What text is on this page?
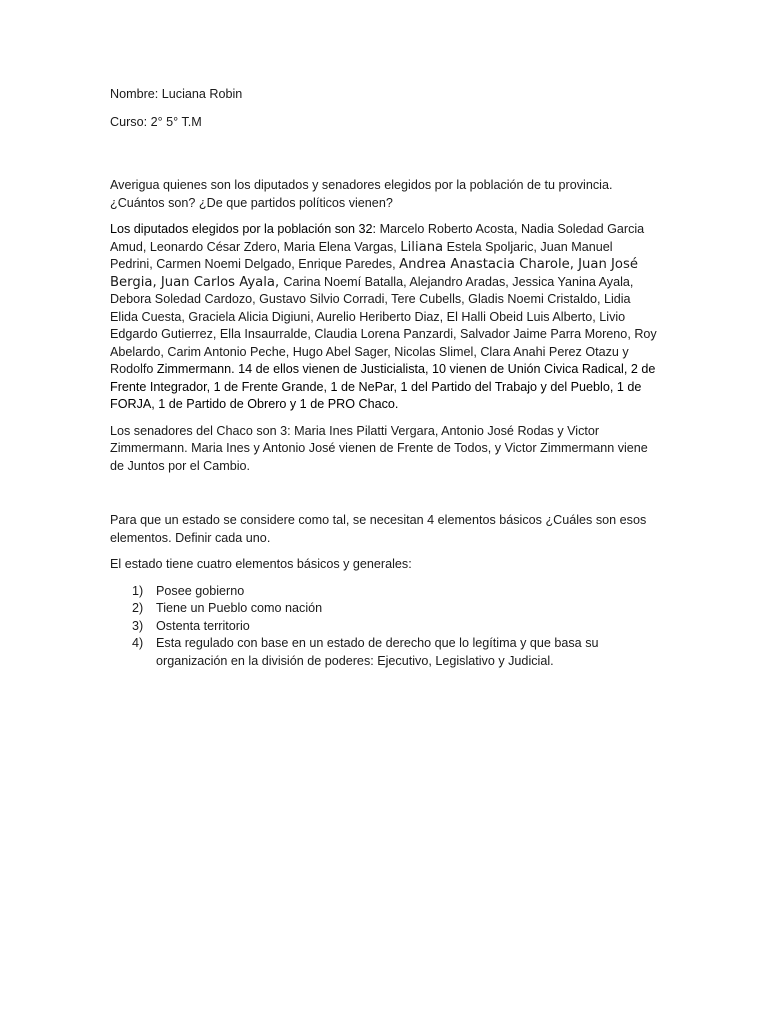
Nombre: Luciana Robin

Curso: 2° 5° T.M

Averigua quienes son los diputados y senadores elegidos por la población de tu provincia. ¿Cuántos son? ¿De que partidos políticos vienen?

Los diputados elegidos por la población son 32: Marcelo Roberto Acosta, Nadia Soledad Garcia Amud, Leonardo César Zdero, Maria Elena Vargas, Liliana Estela Spoljaric, Juan Manuel Pedrini, Carmen Noemi Delgado, Enrique Paredes, Andrea Anastacia Charole, Juan José Bergia, Juan Carlos Ayala, Carina Noemí Batalla, Alejandro Aradas, Jessica Yanina Ayala, Debora Soledad Cardozo, Gustavo Silvio Corradi, Tere Cubells, Gladis Noemi Cristaldo, Lidia Elida Cuesta, Graciela Alicia Digiuni, Aurelio Heriberto Diaz, El Halli Obeid Luis Alberto, Livio Edgardo Gutierrez, Ella Insaurralde, Claudia Lorena Panzardi, Salvador Jaime Parra Moreno, Roy Abelardo, Carim Antonio Peche, Hugo Abel Sager, Nicolas Slimel, Clara Anahi Perez Otazu y Rodolfo Zimmermann. 14 de ellos vienen de Justicialista, 10 vienen de Unión Civica Radical, 2 de Frente Integrador, 1 de Frente Grande, 1 de NePar, 1 del Partido del Trabajo y del Pueblo, 1 de FORJA, 1 de Partido de Obrero y 1 de PRO Chaco.

Los senadores del Chaco son 3: Maria Ines Pilatti Vergara, Antonio José Rodas y Victor Zimmermann. Maria Ines y Antonio José vienen de Frente de Todos, y Victor Zimmermann viene de Juntos por el Cambio.

Para que un estado se considere como tal, se necesitan 4 elementos básicos ¿Cuáles son esos elementos. Definir cada uno.

El estado tiene cuatro elementos básicos y generales:

1)	Posee gobierno
2)	Tiene un Pueblo como nación
3)	Ostenta territorio
4)	Esta regulado con base en un estado de derecho que lo legítima y que basa su organización en la división de poderes: Ejecutivo, Legislativo y Judicial.
